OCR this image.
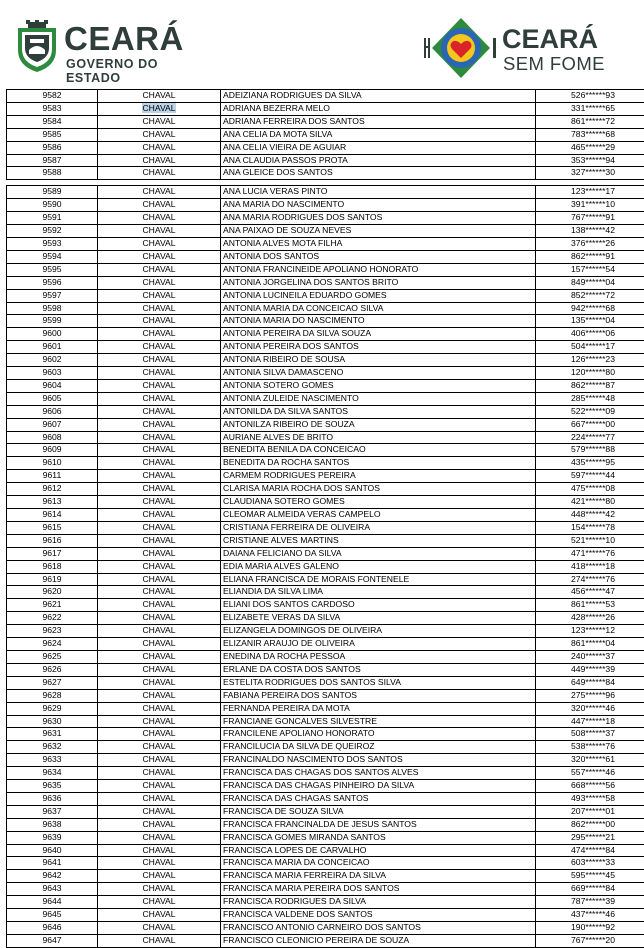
CEARÁ
GOVERNO DO ESTADO
CEARÁ
SEM FOME
9582	CHAVAL	ADEIZIANA RODRIGUES DA SILVA	526******93
9583	CHAVAL	ADRIANA BEZERRA MELO	331******65
9584	CHAVAL	ADRIANA FERREIRA DOS SANTOS	861******72
9585	CHAVAL	ANA CELIA DA MOTA SILVA	783******68
9586	CHAVAL	ANA CELIA VIEIRA DE AGUIAR	465******29
9587	CHAVAL	ANA CLAUDIA PASSOS PROTA	353******94
9588	CHAVAL	ANA GLEICE DOS SANTOS	327******30
9589	CHAVAL	ANA LUCIA VERAS PINTO	123******17
9590	CHAVAL	ANA MARIA DO NASCIMENTO	391******10
9591	CHAVAL	ANA MARIA RODRIGUES DOS SANTOS	767******91
9592	CHAVAL	ANA PAIXAO DE SOUZA NEVES	138******42
9593	CHAVAL	ANTONIA ALVES MOTA FILHA	376******26
9594	CHAVAL	ANTONIA DOS SANTOS	862******91
9595	CHAVAL	ANTONIA FRANCINEIDE APOLIANO HONORATO	157******54
9596	CHAVAL	ANTONIA JORGELINA DOS SANTOS BRITO	849******04
9597	CHAVAL	ANTONIA LUCINEILA EDUARDO GOMES	852******72
9598	CHAVAL	ANTONIA MARIA DA CONCEICAO SILVA	942******68
9599	CHAVAL	ANTONIA MARIA DO NASCIMENTO	135******04
9600	CHAVAL	ANTONIA PEREIRA DA SILVA SOUZA	406******06
9601	CHAVAL	ANTONIA PEREIRA DOS SANTOS	504******17
9602	CHAVAL	ANTONIA RIBEIRO DE SOUSA	126******23
9603	CHAVAL	ANTONIA SILVA DAMASCENO	120******80
9604	CHAVAL	ANTONIA SOTERO GOMES	862******87
9605	CHAVAL	ANTONIA ZULEIDE NASCIMENTO	285******48
9606	CHAVAL	ANTONILDA DA SILVA SANTOS	522******09
9607	CHAVAL	ANTONILZA RIBEIRO DE SOUZA	667******00
9608	CHAVAL	AURIANE ALVES DE BRITO	224******77
9609	CHAVAL	BENEDITA BENILA DA CONCEICAO	579******88
9610	CHAVAL	BENEDITA DA ROCHA SANTOS	435******95
9611	CHAVAL	CARMEM RODRIGUES PEREIRA	597******44
9612	CHAVAL	CLARISA MARIA ROCHA DOS SANTOS	475******08
9613	CHAVAL	CLAUDIANA SOTERO GOMES	421******80
9614	CHAVAL	CLEOMAR ALMEIDA VERAS CAMPELO	448******42
9615	CHAVAL	CRISTIANA FERREIRA DE OLIVEIRA	154******78
9616	CHAVAL	CRISTIANE ALVES MARTINS	521******10
9617	CHAVAL	DAIANA FELICIANO DA SILVA	471******76
9618	CHAVAL	EDIA MARIA ALVES GALENO	418******18
9619	CHAVAL	ELIANA FRANCISCA DE MORAIS FONTENELE	274******76
9620	CHAVAL	ELIANDIA DA SILVA LIMA	456******47
9621	CHAVAL	ELIANI DOS SANTOS CARDOSO	861******53
9622	CHAVAL	ELIZABETE VERAS DA SILVA	428******26
9623	CHAVAL	ELIZANGELA DOMINGOS DE OLIVEIRA	123******12
9624	CHAVAL	ELIZANIR ARAUJO DE OLIVEIRA	861******04
9625	CHAVAL	ENEDINA DA ROCHA PESSOA	240******37
9626	CHAVAL	ERLANE DA COSTA DOS SANTOS	449******39
9627	CHAVAL	ESTELITA RODRIGUES DOS SANTOS SILVA	649******84
9628	CHAVAL	FABIANA PEREIRA DOS SANTOS	275******96
9629	CHAVAL	FERNANDA PEREIRA DA MOTA	320******46
9630	CHAVAL	FRANCIANE GONCALVES SILVESTRE	447******18
9631	CHAVAL	FRANCILENE APOLIANO HONORATO	508******37
9632	CHAVAL	FRANCILUCIA DA SILVA DE QUEIROZ	538******76
9633	CHAVAL	FRANCINALDO NASCIMENTO DOS SANTOS	320******61
9634	CHAVAL	FRANCISCA DAS CHAGAS DOS SANTOS ALVES	557******46
9635	CHAVAL	FRANCISCA DAS CHAGAS PINHEIRO DA SILVA	668******56
9636	CHAVAL	FRANCISCA DAS CHAGAS SANTOS	493******58
9637	CHAVAL	FRANCISCA DE SOUZA SILVA	207******01
9638	CHAVAL	FRANCISCA FRANCINALDA DE JESUS SANTOS	862******00
9639	CHAVAL	FRANCISCA GOMES MIRANDA SANTOS	295******21
9640	CHAVAL	FRANCISCA LOPES DE CARVALHO	474******84
9641	CHAVAL	FRANCISCA MARIA DA CONCEICAO	603******33
9642	CHAVAL	FRANCISCA MARIA FERREIRA DA SILVA	595******45
9643	CHAVAL	FRANCISCA MARIA PEREIRA DOS SANTOS	669******84
9644	CHAVAL	FRANCISCA RODRIGUES DA SILVA	787******39
9645	CHAVAL	FRANCISCA VALDENE DOS SANTOS	437******46
9646	CHAVAL	FRANCISCO ANTONIO CARNEIRO DOS SANTOS	190******92
9647	CHAVAL	FRANCISCO CLEONICIO PEREIRA DE SOUZA	767******20
